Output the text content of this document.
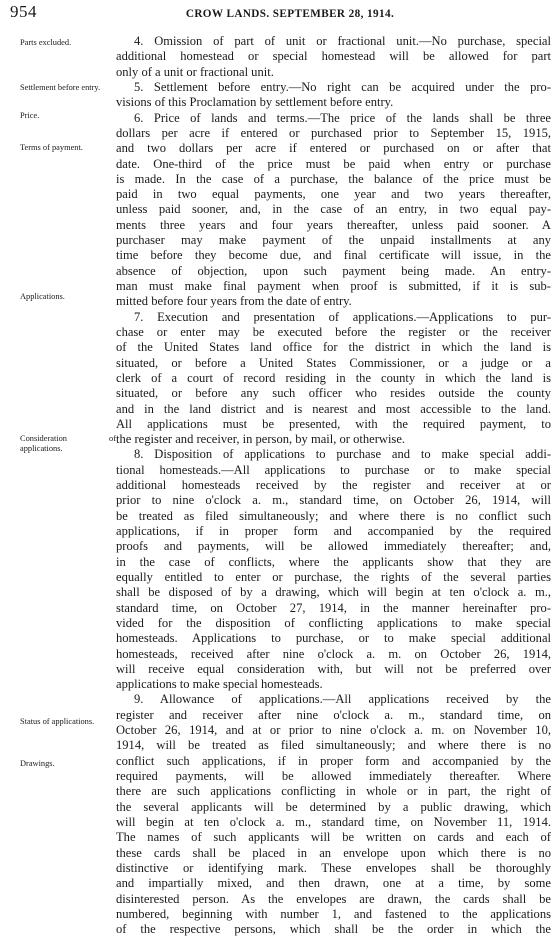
954	CROW LANDS. SEPTEMBER 28, 1914.
Parts excluded.
Settlement before entry.
Price.
Terms of payment.
Applications.
Consideration of applications.
Status of applications.
Drawings.
4. Omission of part of unit or fractional unit.—No purchase, special
additional homestead or special homestead will be allowed for part
only of a unit or fractional unit.
5. Settlement before entry.—No right can be acquired under the pro-
visions of this Proclamation by settlement before entry.
6. Price of lands and terms.—The price of the lands shall be three
dollars per acre if entered or purchased prior to September 15, 1915,
and two dollars per acre if entered or purchased on or after that
date. One-third of the price must be paid when entry or purchase
is made. In the case of a purchase, the balance of the price must be
paid in two equal payments, one year and two years thereafter,
unless paid sooner, and, in the case of an entry, in two equal pay-
ments three years and four years thereafter, unless paid sooner. A
purchaser may make payment of the unpaid installments at any
time before they become due, and final certificate will issue, in the
absence of objection, upon such payment being made. An entry-
man must make final payment when proof is submitted, if it is sub-
mitted before four years from the date of entry.
7. Execution and presentation of applications.—Applications to pur-
chase or enter may be executed before the register or the receiver
of the United States land office for the district in which the land is
situated, or before a United States Commissioner, or a judge or a
clerk of a court of record residing in the county in which the land is
situated, or before any such officer who resides outside the county
and in the land district and is nearest and most accessible to the land.
All applications must be presented, with the required payment, to
the register and receiver, in person, by mail, or otherwise.
8. Disposition of applications to purchase and to make special addi-
tional homesteads.—All applications to purchase or to make special
additional homesteads received by the register and receiver at or
prior to nine o'clock a. m., standard time, on October 26, 1914, will
be treated as filed simultaneously; and where there is no conflict such
applications, if in proper form and accompanied by the required
proofs and payments, will be allowed immediately thereafter; and,
in the case of conflicts, where the applicants show that they are
equally entitled to enter or purchase, the rights of the several parties
shall be disposed of by a drawing, which will begin at ten o'clock a. m.,
standard time, on October 27, 1914, in the manner hereinafter pro-
vided for the disposition of conflicting applications to make special
homesteads. Applications to purchase, or to make special additional
homesteads, received after nine o'clock a. m. on October 26, 1914,
will receive equal consideration with, but will not be preferred over
applications to make special homesteads.
9. Allowance of applications.—All applications received by the
register and receiver after nine o'clock a. m., standard time, on
October 26, 1914, and at or prior to nine o'clock a. m. on November 10,
1914, will be treated as filed simultaneously; and where there is no
conflict such applications, if in proper form and accompanied by the
required payments, will be allowed immediately thereafter. Where
there are such applications conflicting in whole or in part, the right of
the several applicants will be determined by a public drawing, which
will begin at ten o'clock a. m., standard time, on November 11, 1914.
The names of such applicants will be written on cards and each of
these cards shall be placed in an envelope upon which there is no
distinctive or identifying mark. These envelopes shall be thoroughly
and impartially mixed, and then drawn, one at a time, by some
disinterested person. As the envelopes are drawn, the cards shall be
numbered, beginning with number 1, and fastened to the applications
of the respective persons, which shall be the order in which the
